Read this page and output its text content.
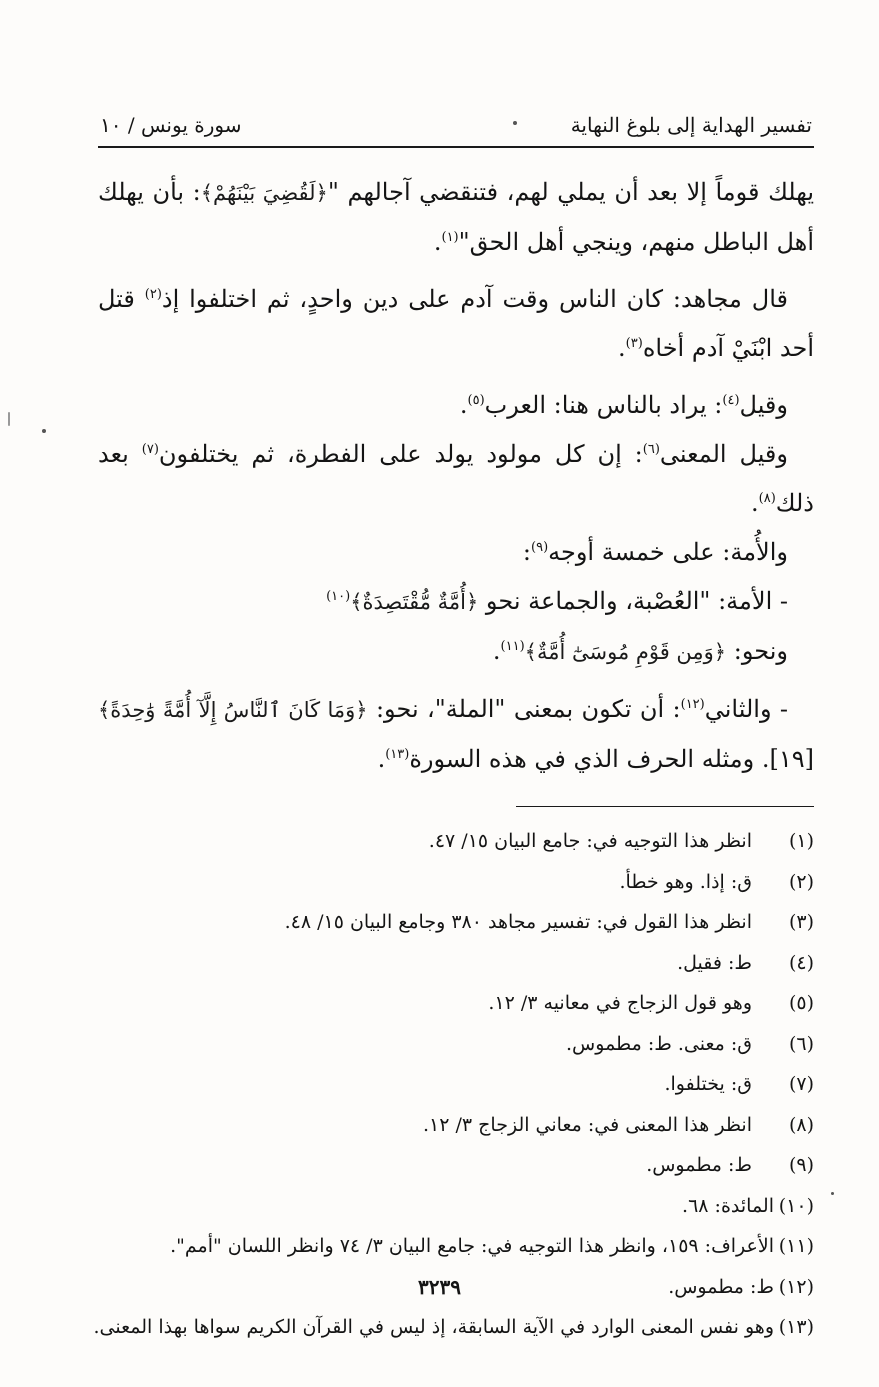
تفسير الهداية إلى بلوغ النهاية
سورة يونس / ١٠

يهلك قوماً إلا بعد أن يملي لهم، فتنقضي آجالهم "﴿لَقُضِيَ بَيْنَهُمْ﴾: بأن يهلك أهل الباطل منهم، وينجي أهل الحق"$^{(١)}$.

قال مجاهد: كان الناس وقت آدم على دين واحدٍ، ثم اختلفوا إذ$^{(٢)}$ قتل أحد ابْنَيْ آدم أخاه$^{(٣)}$.

وقيل$^{(٤)}$: يراد بالناس هنا: العرب$^{(٥)}$.

وقيل المعنى$^{(٦)}$: إن كل مولود يولد على الفطرة، ثم يختلفون$^{(٧)}$ بعد ذلك$^{(٨)}$.

والأُمة: على خمسة أوجه$^{(٩)}$:

- الأمة: "العُصْبة، والجماعة نحو ﴿أُمَّةٌ مُّقْتَصِدَةٌ﴾$^{(١٠)}$

ونحو: ﴿وَمِن قَوْمِ مُوسَىٰٓ أُمَّةٌ﴾$^{(١١)}$.

- والثاني$^{(١٢)}$: أن تكون بمعنى "الملة"، نحو: ﴿وَمَا كَانَ ٱلنَّاسُ إِلَّآ أُمَّةً وَٰحِدَةً﴾ [١٩]. ومثله الحرف الذي في هذه السورة$^{(١٣)}$.

(١)
انظر هذا التوجيه في: جامع البيان ١٥/ ٤٧.
(٢)
ق: إذا. وهو خطأ.
(٣)
انظر هذا القول في: تفسير مجاهد ٣٨٠ وجامع البيان ١٥/ ٤٨.
(٤)
ط: فقيل.
(٥)
وهو قول الزجاج في معانيه ٣/ ١٢.
(٦)
ق: معنى. ط: مطموس.
(٧)
ق: يختلفوا.
(٨)
انظر هذا المعنى في: معاني الزجاج ٣/ ١٢.
(٩)
ط: مطموس.
(١٠)
المائدة: ٦٨.
(١١)
الأعراف: ١٥٩، وانظر هذا التوجيه في: جامع البيان ٣/ ٧٤ وانظر اللسان "أمم".
(١٢)
ط: مطموس.
(١٣)
وهو نفس المعنى الوارد في الآية السابقة، إذ ليس في القرآن الكريم سواها بهذا المعنى.
٣٢٣٩
